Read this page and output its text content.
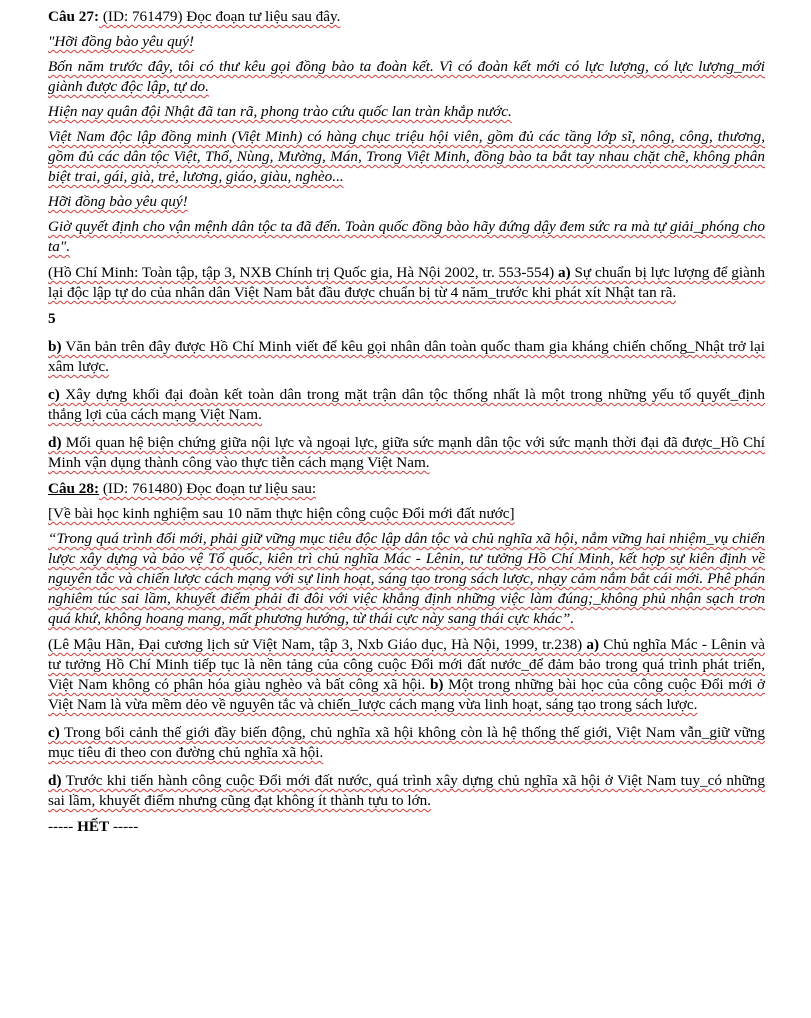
Câu 27: (ID: 761479) Đọc đoạn tư liệu sau đây.

"Hỡi đồng bào yêu quý!

Bốn năm trước đây, tôi có thư kêu gọi đồng bào ta đoàn kết. Vì có đoàn kết mới có lực lượng, có lực lượng_mới giành được độc lập, tự do.

Hiện nay quân đội Nhật đã tan rã, phong trào cứu quốc lan tràn khắp nước.

Việt Nam độc lập đồng minh (Việt Minh) có hàng chục triệu hội viên, gồm đủ các tầng lớp sĩ, nông, công, thương, gồm đủ các dân tộc Việt, Thổ, Nùng, Mường, Mán, Trong Việt Minh, đồng bào ta bắt tay nhau chặt chẽ, không phân biệt trai, gái, già, trẻ, lương, giáo, giàu, nghèo...

Hỡi đồng bào yêu quý!

Giờ quyết định cho vận mệnh dân tộc ta đã đến. Toàn quốc đồng bào hãy đứng dậy đem sức ra mà tự giải_phóng cho ta".

(Hồ Chí Minh: Toàn tập, tập 3, NXB Chính trị Quốc gia, Hà Nội 2002, tr. 553-554) a) Sự chuẩn bị lực lượng để giành lại độc lập tự do của nhân dân Việt Nam bắt đầu được chuẩn bị từ 4 năm_trước khi phát xít Nhật tan rã.

5

b) Văn bản trên đây được Hồ Chí Minh viết để kêu gọi nhân dân toàn quốc tham gia kháng chiến chống_Nhật trở lại xâm lược.

c) Xây dựng khối đại đoàn kết toàn dân trong mặt trận dân tộc thống nhất là một trong những yếu tố quyết_định thắng lợi của cách mạng Việt Nam.

d) Mối quan hệ biện chứng giữa nội lực và ngoại lực, giữa sức mạnh dân tộc với sức mạnh thời đại đã được_Hồ Chí Minh vận dụng thành công vào thực tiễn cách mạng Việt Nam.

Câu 28: (ID: 761480) Đọc đoạn tư liệu sau:

[Về bài học kinh nghiệm sau 10 năm thực hiện công cuộc Đổi mới đất nước]

“Trong quá trình đổi mới, phải giữ vững mục tiêu độc lập dân tộc và chủ nghĩa xã hội, nắm vững hai nhiệm_vụ chiến lược xây dựng và bảo vệ Tổ quốc, kiên trì chủ nghĩa Mác - Lênin, tư tưởng Hồ Chí Minh, kết hợp sự kiên định về nguyên tắc và chiến lược cách mạng với sự linh hoạt, sáng tạo trong sách lược, nhạy cảm nắm bắt cái mới. Phê phán nghiêm túc sai lầm, khuyết điểm phải đi đôi với việc khẳng định những việc làm đúng;_không phủ nhận sạch trơn quá khứ, không hoang mang, mất phương hướng, từ thái cực này sang thái cực khác”.

(Lê Mậu Hãn, Đại cương lịch sử Việt Nam, tập 3, Nxb Giáo dục, Hà Nội, 1999, tr.238) a) Chủ nghĩa Mác - Lênin và tư tưởng Hồ Chí Minh tiếp tục là nền tảng của công cuộc Đổi mới đất nước_để đảm bảo trong quá trình phát triển, Việt Nam không có phân hóa giàu nghèo và bất công xã hội. b) Một trong những bài học của công cuộc Đổi mới ở Việt Nam là vừa mềm dẻo về nguyên tắc và chiến_lược cách mạng vừa linh hoạt, sáng tạo trong sách lược.

c) Trong bối cảnh thế giới đầy biến động, chủ nghĩa xã hội không còn là hệ thống thế giới, Việt Nam vẫn_giữ vững mục tiêu đi theo con đường chủ nghĩa xã hội.

d) Trước khi tiến hành công cuộc Đổi mới đất nước, quá trình xây dựng chủ nghĩa xã hội ở Việt Nam tuy_có những sai lầm, khuyết điểm nhưng cũng đạt không ít thành tựu to lớn.

----- HẾT -----
